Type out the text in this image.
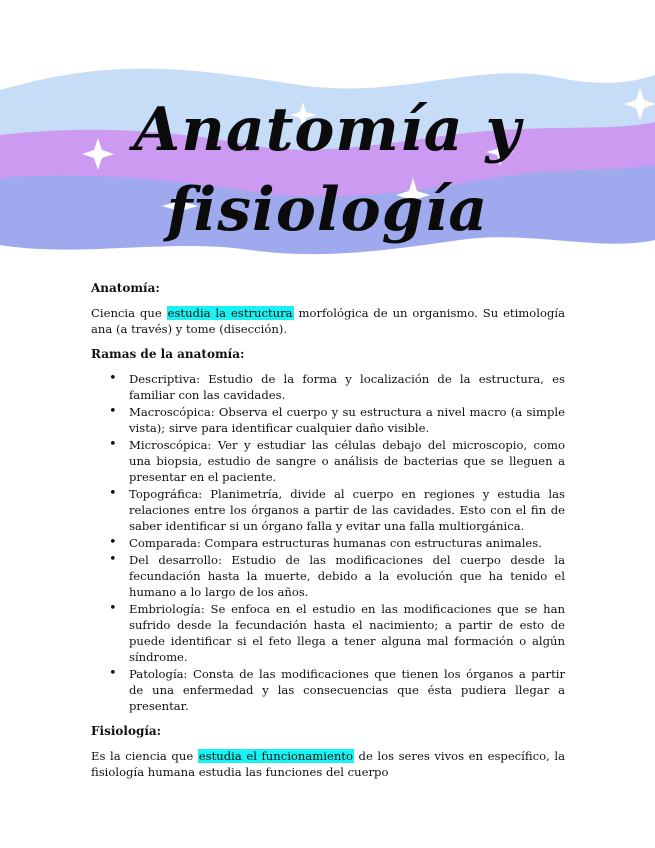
Anatomía y
fisiología
Anatomía:

Ciencia que estudia la estructura morfológica de un organismo. Su etimología ana (a través) y tome (disección).

Ramas de la anatomía:
• Descriptiva: Estudio de la forma y localización de la estructura, es familiar con las cavidades.
• Macroscópica: Observa el cuerpo y su estructura a nivel macro (a simple vista); sirve para identificar cualquier daño visible.
• Microscópica: Ver y estudiar las células debajo del microscopio, como una biopsia, estudio de sangre o análisis de bacterias que se lleguen a presentar en el paciente.
• Topográfica: Planimetría, divide al cuerpo en regiones y estudia las relaciones entre los órganos a partir de las cavidades. Esto con el fin de saber identificar si un órgano falla y evitar una falla multiorgánica.
• Comparada: Compara estructuras humanas con estructuras animales.
• Del desarrollo: Estudio de las modificaciones del cuerpo desde la fecundación hasta la muerte, debido a la evolución que ha tenido el humano a lo largo de los años.
• Embriología: Se enfoca en el estudio en las modificaciones que se han sufrido desde la fecundación hasta el nacimiento; a partir de esto de puede identificar si el feto llega a tener alguna mal formación o algún síndrome.
• Patología: Consta de las modificaciones que tienen los órganos a partir de una enfermedad y las consecuencias que ésta pudiera llegar a presentar.
Fisiología:

Es la ciencia que estudia el funcionamiento de los seres vivos en específico, la fisiología humana estudia las funciones del cuerpo
